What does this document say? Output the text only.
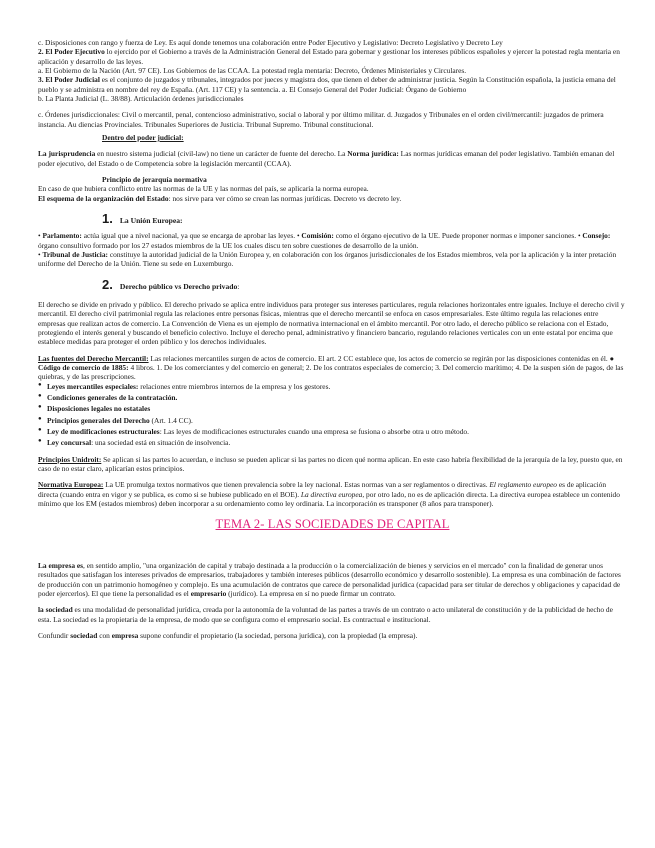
c. Disposiciones con rango y fuerza de Ley. Es aquí donde tenemos una colaboración entre Poder Ejecutivo y Legislativo: Decreto Legislativo y Decreto Ley

2. El Poder Ejecutivo lo ejercido por el Gobierno a través de la Administración General del Estado para gobernar y gestionar los intereses públicos españoles y ejercer la potestad regla mentaria en aplicación y desarrollo de las leyes.

a. El Gobierno de la Nación (Art. 97 CE). Los Gobiernos de las CCAA. La potestad regla mentaria: Decreto, Órdenes Ministeriales y Circulares.

3. El Poder Judicial es el conjunto de juzgados y tribunales, integrados por jueces y magistra dos, que tienen el deber de administrar justicia. Según la Constitución española, la justicia emana del pueblo y se administra en nombre del rey de España. (Art. 117 CE) y la sentencia. a. El Consejo General del Poder Judicial: Órgano de Gobierno

b. La Planta Judicial (L. 38/88). Articulación órdenes jurisdiccionales

c. Órdenes jurisdiccionales: Civil o mercantil, penal, contencioso administrativo, social o laboral y por último militar. d. Juzgados y Tribunales en el orden civil/mercantil: juzgados de primera instancia. Au diencias Provinciales. Tribunales Superiores de Justicia. Tribunal Supremo. Tribunal constitucional.

Dentro del poder judicial:

La jurisprudencia en nuestro sistema judicial (civil-law) no tiene un carácter de fuente del derecho. La Norma jurídica: Las normas jurídicas emanan del poder legislativo. También emanan del poder ejecutivo, del Estado o de Competencia sobre la legislación mercantil (CCAA).

Principio de jerarquía normativa

En caso de que hubiera conflicto entre las normas de la UE y las normas del país, se aplicaría la norma europea.

El esquema de la organización del Estado: nos sirve para ver cómo se crean las normas jurídicas. Decreto vs decreto ley.

1. La Unión Europea:

• Parlamento: actúa igual que a nivel nacional, ya que se encarga de aprobar las leyes. • Comisión: como el órgano ejecutivo de la UE. Puede proponer normas e imponer sanciones. • Consejo: órgano consultivo formado por los 27 estados miembros de la UE los cuales discu ten sobre cuestiones de desarrollo de la unión.

• Tribunal de Justicia: constituye la autoridad judicial de la Unión Europea y, en colaboración con los órganos jurisdiccionales de los Estados miembros, vela por la aplicación y la inter pretación uniforme del Derecho de la Unión. Tiene su sede en Luxemburgo.

2. Derecho público vs Derecho privado:

El derecho se divide en privado y público. El derecho privado se aplica entre individuos para proteger sus intereses particulares, regula relaciones horizontales entre iguales. Incluye el derecho civil y mercantil. El derecho civil patrimonial regula las relaciones entre personas físicas, mientras que el derecho mercantil se enfoca en casos empresariales. Este último regula las relaciones entre empresas que realizan actos de comercio. La Convención de Viena es un ejemplo de normativa internacional en el ámbito mercantil. Por otro lado, el derecho público se relaciona con el Estado, protegiendo el interés general y buscando el beneficio colectivo. Incluye el derecho penal, administrativo y financiero bancario, regulando relaciones verticales con un ente estatal por encima que establece medidas para proteger el orden público y los derechos individuales.

Las fuentes del Derecho Mercantil: Las relaciones mercantiles surgen de actos de comercio. El art. 2 CC establece que, los actos de comercio se regirán por las disposiciones contenidas en él. ● Código de comercio de 1885: 4 libros. 1. De los comerciantes y del comercio en general; 2. De los contratos especiales de comercio; 3. Del comercio marítimo; 4. De la suspen sión de pagos, de las quiebras, y de las prescripciones.

● Leyes mercantiles especiales: relaciones entre miembros internos de la empresa y los gestores.
● Condiciones generales de la contratación.
● Disposiciones legales no estatales
● Principios generales del Derecho (Art. 1.4 CC).
● Ley de modificaciones estructurales: Las leyes de modificaciones estructurales cuando una empresa se fusiona o absorbe otra u otro método.
● Ley concursal: una sociedad está en situación de insolvencia.

Principios Unidroit: Se aplican si las partes lo acuerdan, e incluso se pueden aplicar si las partes no dicen qué norma aplican. En este caso habría flexibilidad de la jerarquía de la ley, puesto que, en caso de no estar claro, aplicarían estos principios.

Normativa Europea: La UE promulga textos normativos que tienen prevalencia sobre la ley nacional. Estas normas van a ser reglamentos o directivas. El reglamento europeo es de aplicación directa (cuando entra en vigor y se publica, es como si se hubiese publicado en el BOE). La directiva europea, por otro lado, no es de aplicación directa. La directiva europea establece un contenido mínimo que los EM (estados miembros) deben incorporar a su ordenamiento como ley ordinaria. La incorporación es transponer (8 años para transponer).

TEMA 2- LAS SOCIEDADES DE CAPITAL

La empresa es, en sentido amplio, "una organización de capital y trabajo destinada a la producción o la comercialización de bienes y servicios en el mercado" con la finalidad de generar unos resultados que satisfagan los intereses privados de empresarios, trabajadores y también intereses públicos (desarrollo económico y desarrollo sostenible). La empresa es una combinación de factores de producción con un patrimonio homogéneo y complejo. Es una acumulación de contratos que carece de personalidad jurídica (capacidad para ser titular de derechos y obligaciones y capacidad de poder ejercerlos). El que tiene la personalidad es el empresario (jurídico). La empresa en sí no puede firmar un contrato.

la sociedad es una modalidad de personalidad jurídica, creada por la autonomía de la voluntad de las partes a través de un contrato o acto unilateral de constitución y de la publicidad de hecho de esta. La sociedad es la propietaria de la empresa, de modo que se configura como el empresario social. Es contractual e institucional.

Confundir sociedad con empresa supone confundir el propietario (la sociedad, persona jurídica), con la propiedad (la empresa).
